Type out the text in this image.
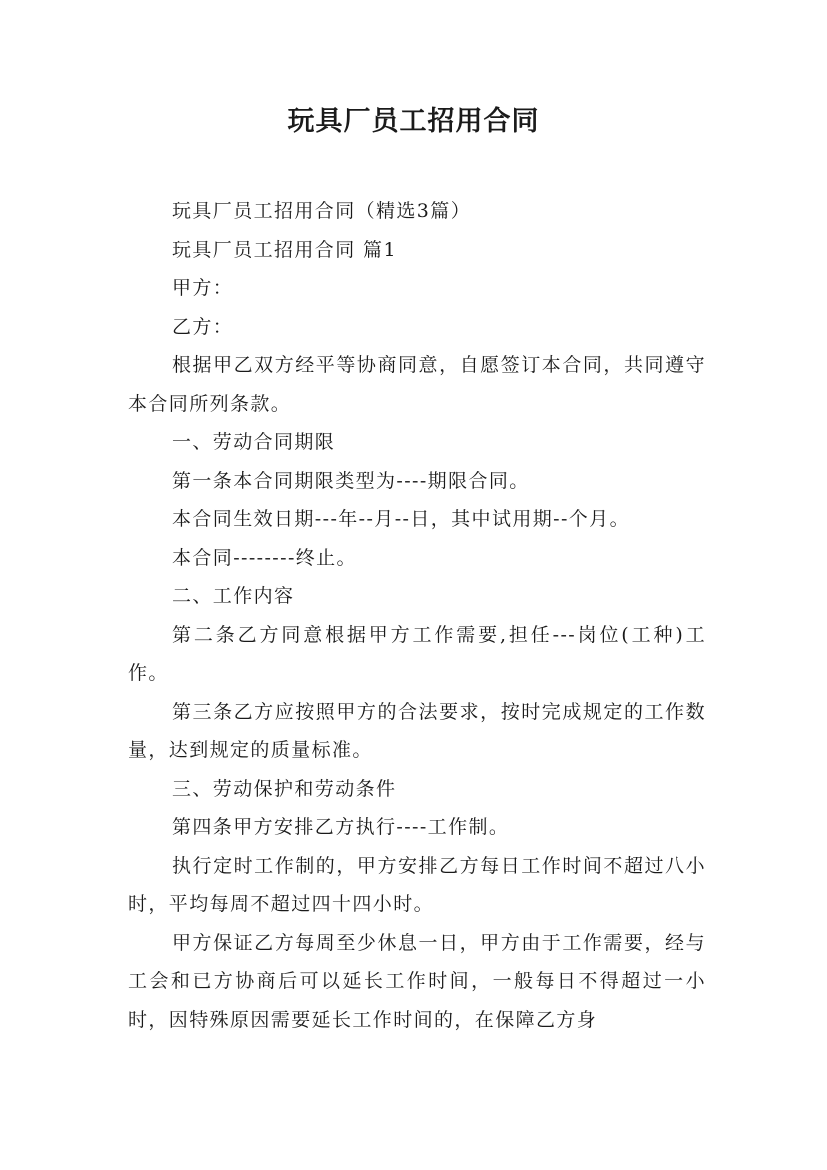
玩具厂员工招用合同

玩具厂员工招用合同（精选3篇）

玩具厂员工招用合同 篇1

甲方：

乙方：

根据甲乙双方经平等协商同意，自愿签订本合同，共同遵守本合同所列条款。

一、劳动合同期限

第一条本合同期限类型为----期限合同。

本合同生效日期---年--月--日，其中试用期--个月。

本合同--------终止。

二、工作内容

第二条乙方同意根据甲方工作需要,担任---岗位(工种)工作。

第三条乙方应按照甲方的合法要求，按时完成规定的工作数量，达到规定的质量标准。

三、劳动保护和劳动条件

第四条甲方安排乙方执行----工作制。

执行定时工作制的，甲方安排乙方每日工作时间不超过八小时，平均每周不超过四十四小时。

甲方保证乙方每周至少休息一日，甲方由于工作需要，经与工会和已方协商后可以延长工作时间，一般每日不得超过一小时，因特殊原因需要延长工作时间的，在保障乙方身
